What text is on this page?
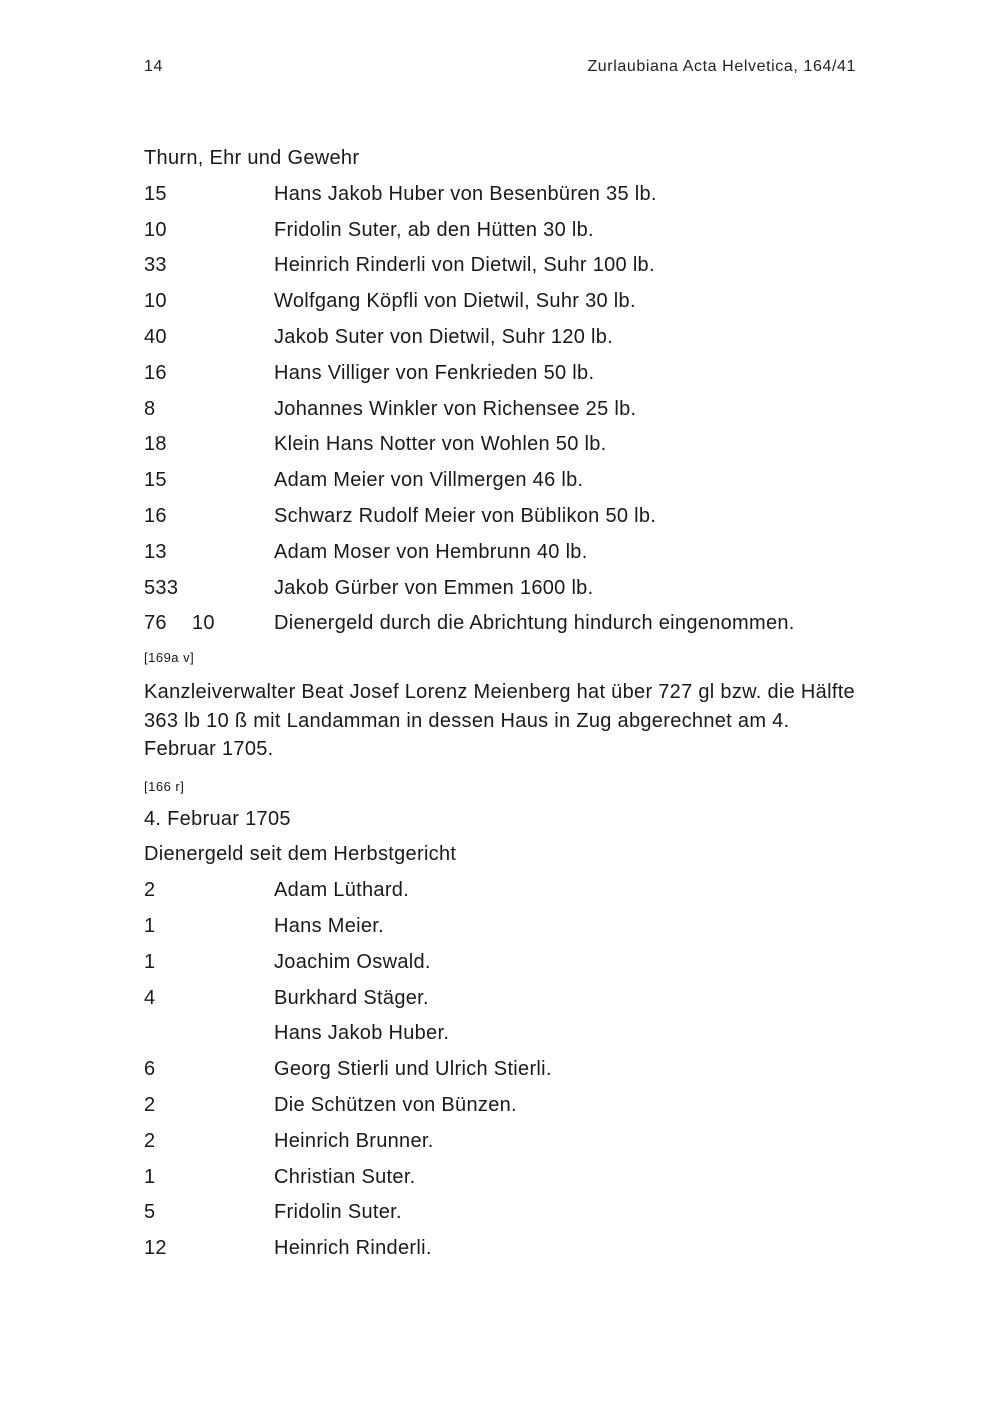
14	Zurlaubiana Acta Helvetica, 164/41
Thurn, Ehr und Gewehr
15	Hans Jakob Huber von Besenbüren 35 lb.
10	Fridolin Suter, ab den Hütten 30 lb.
33	Heinrich Rinderli von Dietwil, Suhr 100 lb.
10	Wolfgang Köpfli von Dietwil, Suhr 30 lb.
40	Jakob Suter von Dietwil, Suhr 120 lb.
16	Hans Villiger von Fenkrieden 50 lb.
8	Johannes Winkler von Richensee 25 lb.
18	Klein Hans Notter von Wohlen 50 lb.
15	Adam Meier von Villmergen 46 lb.
16	Schwarz Rudolf Meier von Büblikon 50 lb.
13	Adam Moser von Hembrunn 40 lb.
533	Jakob Gürber von Emmen 1600 lb.
76 10	Dienergeld durch die Abrichtung hindurch eingenommen.
[169a v]
Kanzleiverwalter Beat Josef Lorenz Meienberg hat über 727 gl bzw. die Hälfte 363 lb 10 ß mit Landamman in dessen Haus in Zug abgerechnet am 4. Februar 1705.
[166 r]
4. Februar 1705
Dienergeld seit dem Herbstgericht
2	Adam Lüthard.
1	Hans Meier.
1	Joachim Oswald.
4	Burkhard Stäger.
Hans Jakob Huber.
6	Georg Stierli und Ulrich Stierli.
2	Die Schützen von Bünzen.
2	Heinrich Brunner.
1	Christian Suter.
5	Fridolin Suter.
12	Heinrich Rinderli.
